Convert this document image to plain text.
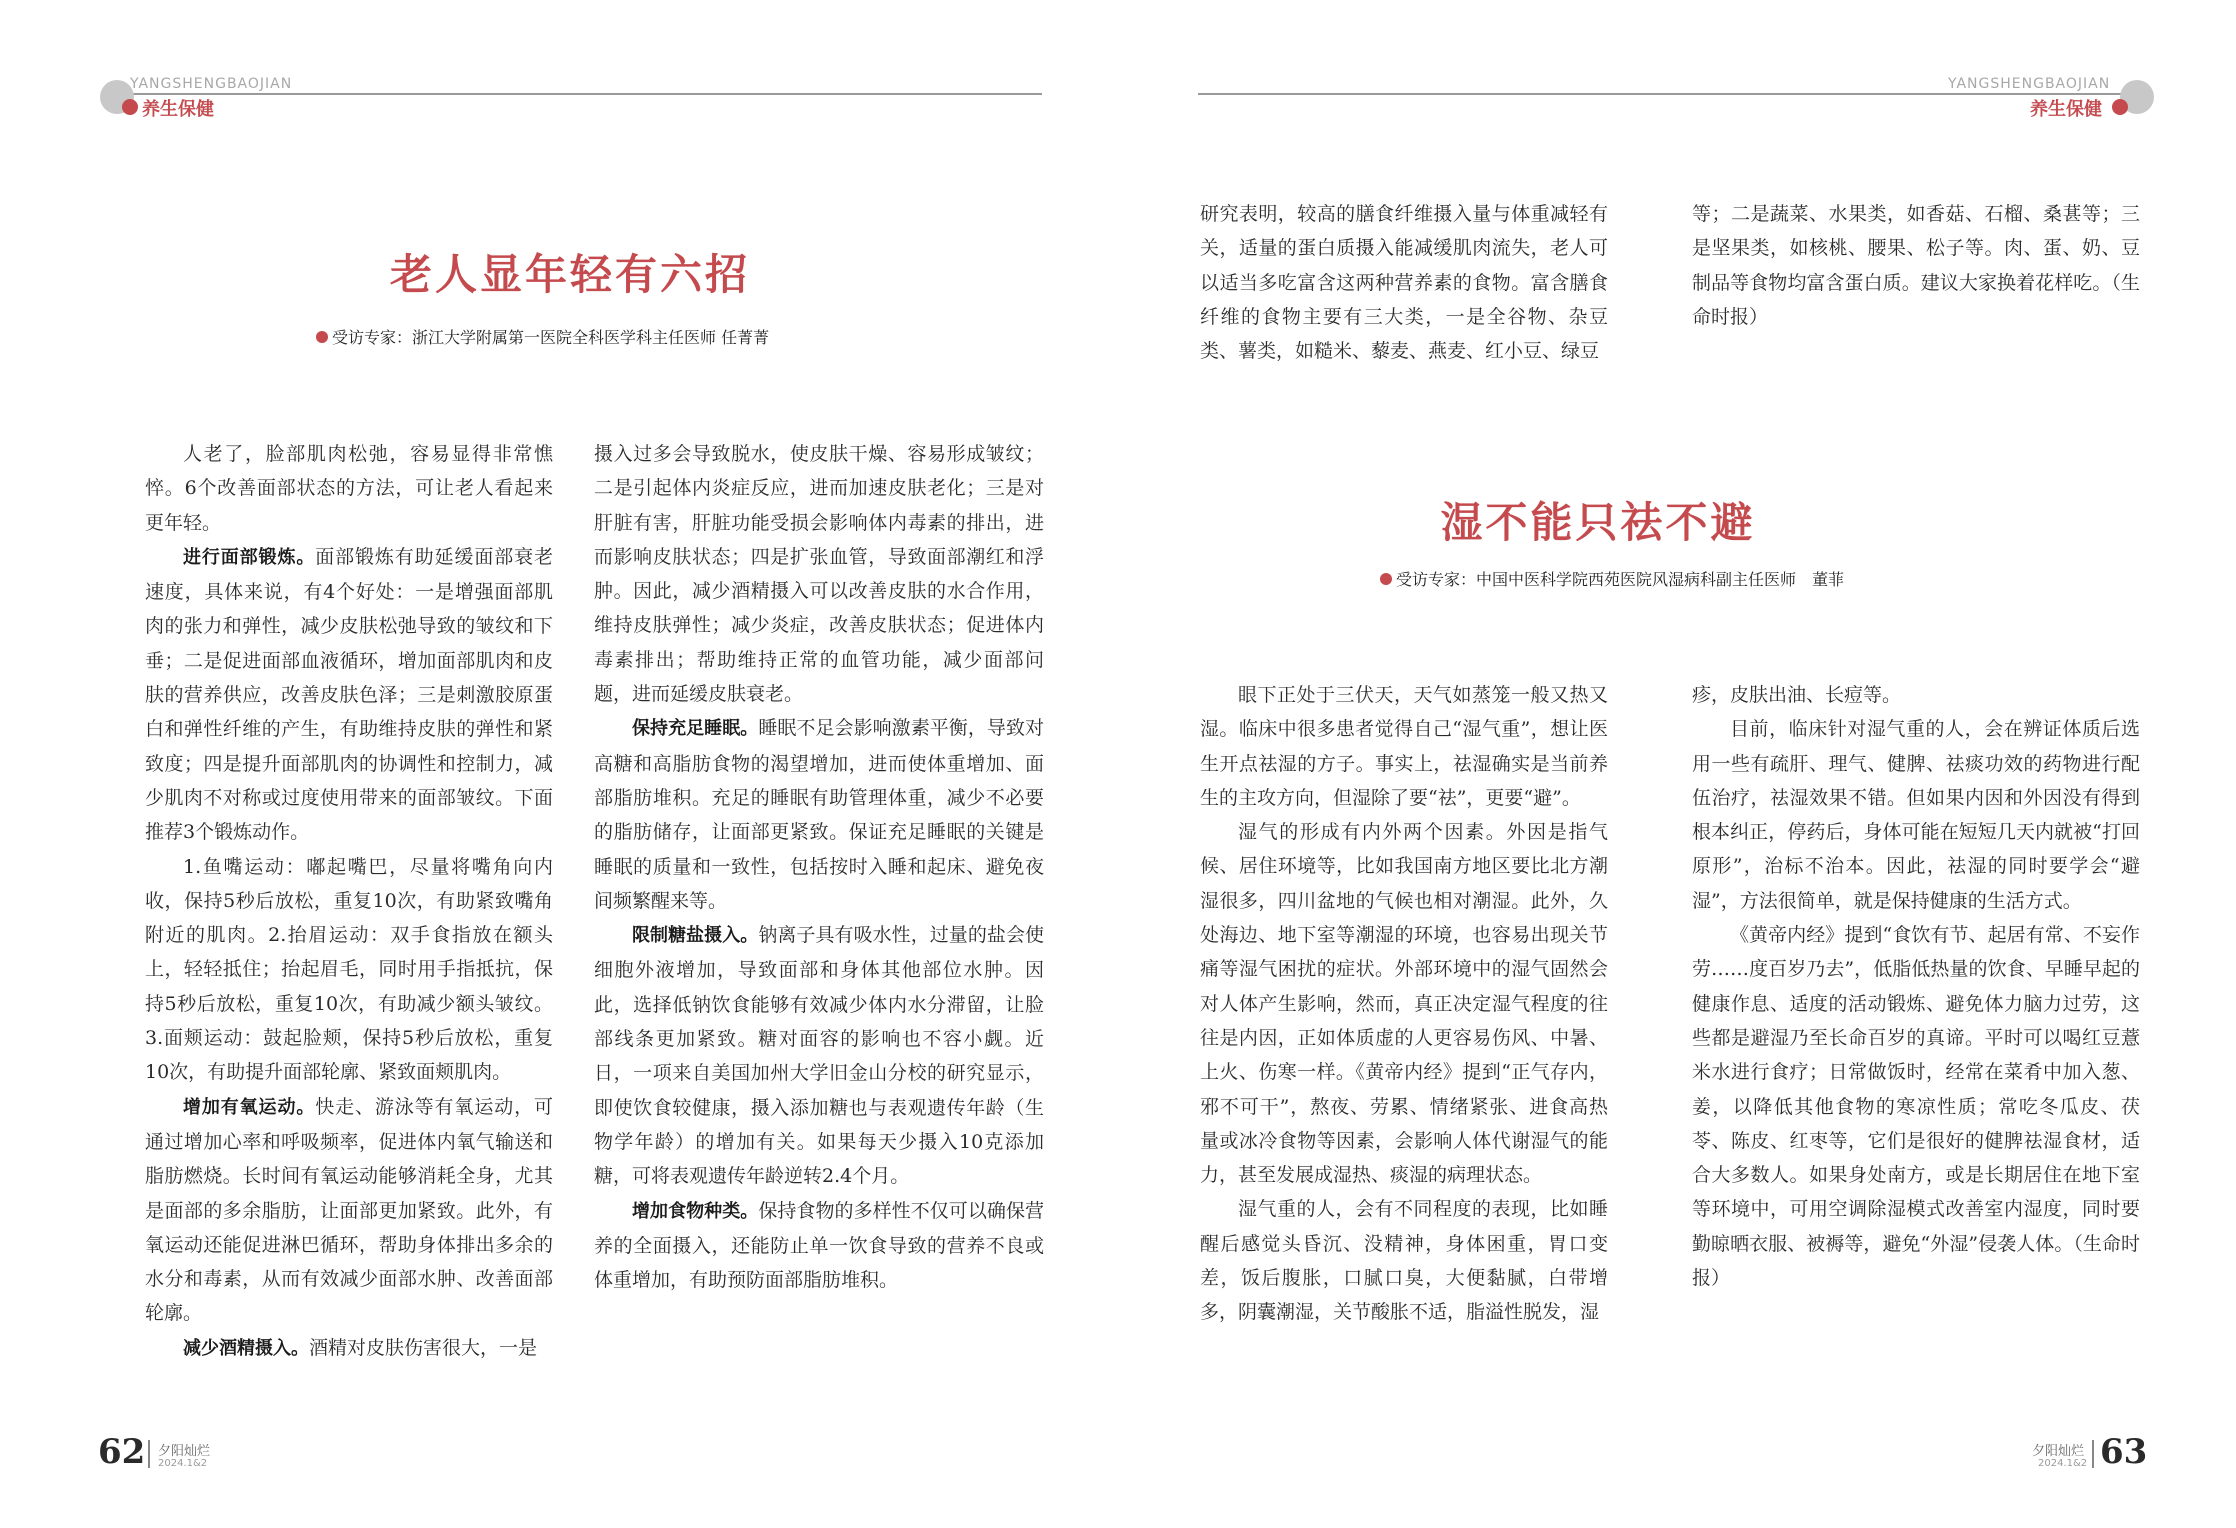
YANGSHENGBAOJIAN
养生保健
老人显年轻有六招
受访专家：浙江大学附属第一医院全科医学科主任医师 任菁菁

人老了，脸部肌肉松弛，容易显得非常憔悴。6个改善面部状态的方法，可让老人看起来更年轻。

进行面部锻炼。面部锻炼有助延缓面部衰老速度，具体来说，有4个好处：一是增强面部肌肉的张力和弹性，减少皮肤松弛导致的皱纹和下垂；二是促进面部血液循环，增加面部肌肉和皮肤的营养供应，改善皮肤色泽；三是刺激胶原蛋白和弹性纤维的产生，有助维持皮肤的弹性和紧致度；四是提升面部肌肉的协调性和控制力，减少肌肉不对称或过度使用带来的面部皱纹。下面推荐3个锻炼动作。

1.鱼嘴运动：嘟起嘴巴，尽量将嘴角向内收，保持5秒后放松，重复10次，有助紧致嘴角附近的肌肉。2.抬眉运动：双手食指放在额头上，轻轻抵住；抬起眉毛，同时用手指抵抗，保持5秒后放松，重复10次，有助减少额头皱纹。3.面颊运动：鼓起脸颊，保持5秒后放松，重复10次，有助提升面部轮廓、紧致面颊肌肉。

增加有氧运动。快走、游泳等有氧运动，可通过增加心率和呼吸频率，促进体内氧气输送和脂肪燃烧。长时间有氧运动能够消耗全身，尤其是面部的多余脂肪，让面部更加紧致。此外，有氧运动还能促进淋巴循环，帮助身体排出多余的水分和毒素，从而有效减少面部水肿、改善面部轮廓。

减少酒精摄入。酒精对皮肤伤害很大，一是

摄入过多会导致脱水，使皮肤干燥、容易形成皱纹；二是引起体内炎症反应，进而加速皮肤老化；三是对肝脏有害，肝脏功能受损会影响体内毒素的排出，进而影响皮肤状态；四是扩张血管，导致面部潮红和浮肿。因此，减少酒精摄入可以改善皮肤的水合作用，维持皮肤弹性；减少炎症，改善皮肤状态；促进体内毒素排出；帮助维持正常的血管功能，减少面部问题，进而延缓皮肤衰老。

保持充足睡眠。睡眠不足会影响激素平衡，导致对高糖和高脂肪食物的渴望增加，进而使体重增加、面部脂肪堆积。充足的睡眠有助管理体重，减少不必要的脂肪储存，让面部更紧致。保证充足睡眠的关键是睡眠的质量和一致性，包括按时入睡和起床、避免夜间频繁醒来等。

限制糖盐摄入。钠离子具有吸水性，过量的盐会使细胞外液增加，导致面部和身体其他部位水肿。因此，选择低钠饮食能够有效减少体内水分滞留，让脸部线条更加紧致。糖对面容的影响也不容小觑。近日，一项来自美国加州大学旧金山分校的研究显示，即使饮食较健康，摄入添加糖也与表观遗传年龄（生物学年龄）的增加有关。如果每天少摄入10克添加糖，可将表观遗传年龄逆转2.4个月。

增加食物种类。保持食物的多样性不仅可以确保营养的全面摄入，还能防止单一饮食导致的营养不良或体重增加，有助预防面部脂肪堆积。

62 夕阳灿烂
2024.1&2
YANGSHENGBAOJIAN
养生保健

研究表明，较高的膳食纤维摄入量与体重减轻有关，适量的蛋白质摄入能减缓肌肉流失，老人可以适当多吃富含这两种营养素的食物。富含膳食纤维的食物主要有三大类，一是全谷物、杂豆类、薯类，如糙米、藜麦、燕麦、红小豆、绿豆

等；二是蔬菜、水果类，如香菇、石榴、桑葚等；三是坚果类，如核桃、腰果、松子等。肉、蛋、奶、豆制品等食物均富含蛋白质。建议大家换着花样吃。（生命时报）

湿不能只祛不避
受访专家：中国中医科学院西苑医院风湿病科副主任医师　董菲

眼下正处于三伏天，天气如蒸笼一般又热又湿。临床中很多患者觉得自己“湿气重”，想让医生开点祛湿的方子。事实上，祛湿确实是当前养生的主攻方向，但湿除了要“祛”，更要“避”。

湿气的形成有内外两个因素。外因是指气候、居住环境等，比如我国南方地区要比北方潮湿很多，四川盆地的气候也相对潮湿。此外，久处海边、地下室等潮湿的环境，也容易出现关节痛等湿气困扰的症状。外部环境中的湿气固然会对人体产生影响，然而，真正决定湿气程度的往往是内因，正如体质虚的人更容易伤风、中暑、上火、伤寒一样。《黄帝内经》提到“正气存内，邪不可干”，熬夜、劳累、情绪紧张、进食高热量或冰冷食物等因素，会影响人体代谢湿气的能力，甚至发展成湿热、痰湿的病理状态。

湿气重的人，会有不同程度的表现，比如睡醒后感觉头昏沉、没精神，身体困重，胃口变差，饭后腹胀，口腻口臭，大便黏腻，白带增多，阴囊潮湿，关节酸胀不适，脂溢性脱发，湿

疹，皮肤出油、长痘等。

目前，临床针对湿气重的人，会在辨证体质后选用一些有疏肝、理气、健脾、祛痰功效的药物进行配伍治疗，祛湿效果不错。但如果内因和外因没有得到根本纠正，停药后，身体可能在短短几天内就被“打回原形”，治标不治本。因此，祛湿的同时要学会“避湿”，方法很简单，就是保持健康的生活方式。

《黄帝内经》提到“食饮有节、起居有常、不妄作劳……度百岁乃去”，低脂低热量的饮食、早睡早起的健康作息、适度的活动锻炼、避免体力脑力过劳，这些都是避湿乃至长命百岁的真谛。平时可以喝红豆薏米水进行食疗；日常做饭时，经常在菜肴中加入葱、姜，以降低其他食物的寒凉性质；常吃冬瓜皮、茯苓、陈皮、红枣等，它们是很好的健脾祛湿食材，适合大多数人。如果身处南方，或是长期居住在地下室等环境中，可用空调除湿模式改善室内湿度，同时要勤晾晒衣服、被褥等，避免“外湿”侵袭人体。（生命时报）

夕阳灿烂
2024.1&2 63
